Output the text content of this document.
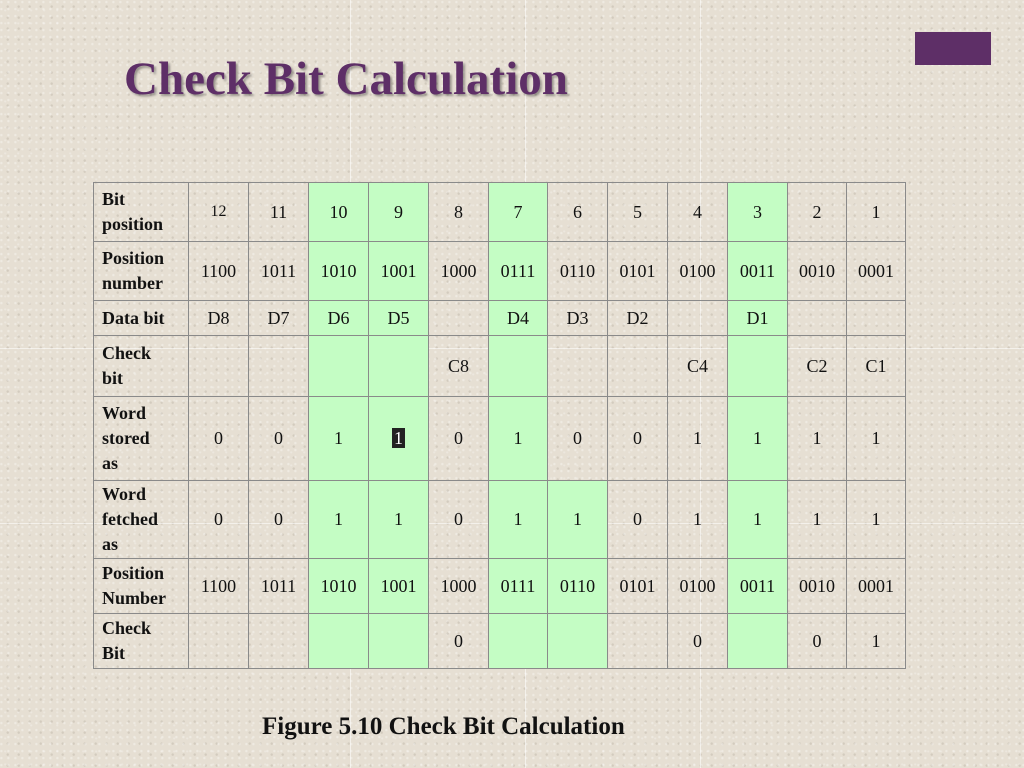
Check Bit Calculation
Bit
position	12	11	10	9	8	7	6	5	4	3	2	1

Position
number	1100	1011	1010	1001	1000	0111	0110	0101	0100	0011	0010	0001

Data bit	D8	D7	D6	D5		D4	D3	D2		D1		

Check
bit					C8				C4		C2	C1

Word
stored
as	0	0	1	1	0	1	0	0	1	1	1	1

Word
fetched
as	0	0	1	1	0	1	1	0	1	1	1	1

Position
Number	1100	1011	1010	1001	1000	0111	0110	0101	0100	0011	0010	0001

Check
Bit					0				0		0	1
Figure 5.10 Check Bit Calculation
